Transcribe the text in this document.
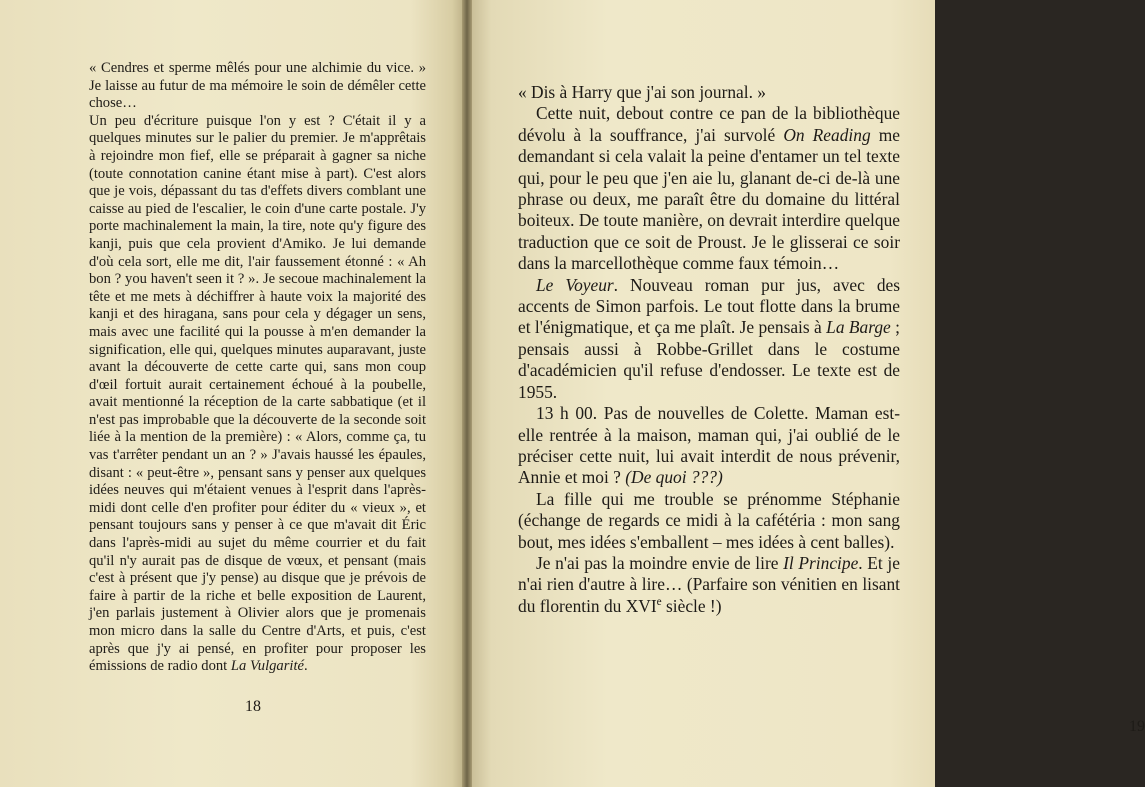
« Cendres et sperme mêlés pour une alchimie du vice. » Je laisse au futur de ma mémoire le soin de démêler cette chose…

Un peu d'écriture puisque l'on y est ? C'était il y a quelques minutes sur le palier du premier. Je m'apprêtais à rejoindre mon fief, elle se préparait à gagner sa niche (toute connotation canine étant mise à part). C'est alors que je vois, dépassant du tas d'effets divers comblant une caisse au pied de l'escalier, le coin d'une carte postale. J'y porte machinalement la main, la tire, note qu'y figure des kanji, puis que cela provient d'Amiko. Je lui demande d'où cela sort, elle me dit, l'air faussement étonné : « Ah bon ? you haven't seen it ? ». Je secoue machinalement la tête et me mets à déchiffrer à haute voix la majorité des kanji et des hiragana, sans pour cela y dégager un sens, mais avec une facilité qui la pousse à m'en demander la signification, elle qui, quelques minutes auparavant, juste avant la découverte de cette carte qui, sans mon coup d'œil fortuit aurait certainement échoué à la poubelle, avait mentionné la réception de la carte sabbatique (et il n'est pas improbable que la découverte de la seconde soit liée à la mention de la première) : « Alors, comme ça, tu vas t'arrêter pendant un an ? » J'avais haussé les épaules, disant : « peut-être », pensant sans y penser aux quelques idées neuves qui m'étaient venues à l'esprit dans l'après-midi dont celle d'en profiter pour éditer du « vieux », et pensant toujours sans y penser à ce que m'avait dit Éric dans l'après-midi au sujet du même courrier et du fait qu'il n'y aurait pas de disque de vœux, et pensant (mais c'est à présent que j'y pense) au disque que je prévois de faire à partir de la riche et belle exposition de Laurent, j'en parlais justement à Olivier alors que je promenais mon micro dans la salle du Centre d'Arts, et puis, c'est après que j'y ai pensé, en profiter pour proposer les émissions de radio dont La Vulgarité.

18

« Dis à Harry que j'ai son journal. »

Cette nuit, debout contre ce pan de la bibliothèque dévolu à la souffrance, j'ai survolé On Reading me demandant si cela valait la peine d'entamer un tel texte qui, pour le peu que j'en aie lu, glanant de-ci de-là une phrase ou deux, me paraît être du domaine du littéral boiteux. De toute manière, on devrait interdire quelque traduction que ce soit de Proust. Je le glisserai ce soir dans la marcellothèque comme faux témoin…

Le Voyeur. Nouveau roman pur jus, avec des accents de Simon parfois. Le tout flotte dans la brume et l'énigmatique, et ça me plaît. Je pensais à La Barge ; pensais aussi à Robbe-Grillet dans le costume d'académicien qu'il refuse d'endosser. Le texte est de 1955.

13 h 00. Pas de nouvelles de Colette. Maman est-elle rentrée à la maison, maman qui, j'ai oublié de le préciser cette nuit, lui avait interdit de nous prévenir, Annie et moi ? (De quoi ???)

La fille qui me trouble se prénomme Stéphanie (échange de regards ce midi à la cafétéria : mon sang bout, mes idées s'emballent – mes idées à cent balles).

Je n'ai pas la moindre envie de lire Il Principe. Et je n'ai rien d'autre à lire… (Parfaire son vénitien en lisant du florentin du XVIe siècle !)

19
